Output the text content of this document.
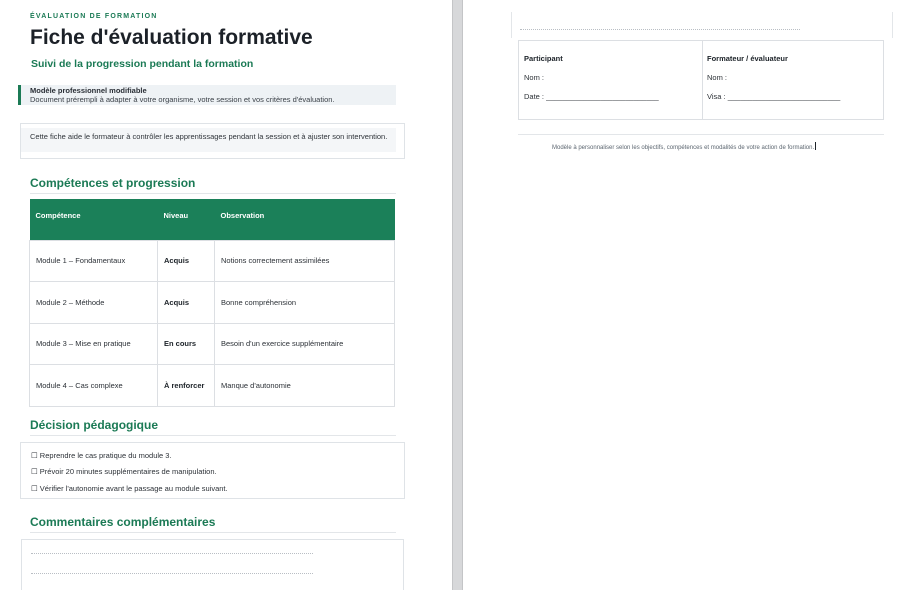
ÉVALUATION DE FORMATION
Fiche d'évaluation formative
Suivi de la progression pendant la formation
Modèle professionnel modifiable
Document prérempli à adapter à votre organisme, votre session et vos critères d'évaluation.
Cette fiche aide le formateur à contrôler les apprentissages pendant la session et à ajuster son intervention.
Compétences et progression
Compétence	Niveau	Observation
Module 1 – Fondamentaux	Acquis	Notions correctement assimilées
Module 2 – Méthode	Acquis	Bonne compréhension
Module 3 – Mise en pratique	En cours	Besoin d'un exercice supplémentaire
Module 4 – Cas complexe	À renforcer	Manque d'autonomie
Décision pédagogique
☐ Reprendre le cas pratique du module 3.
☐ Prévoir 20 minutes supplémentaires de manipulation.
☐ Vérifier l'autonomie avant le passage au module suivant.
Commentaires complémentaires
Participant
Nom :
Date : ___________________________
Formateur / évaluateur
Nom :
Visa : ___________________________
Modèle à personnaliser selon les objectifs, compétences et modalités de votre action de formation.
